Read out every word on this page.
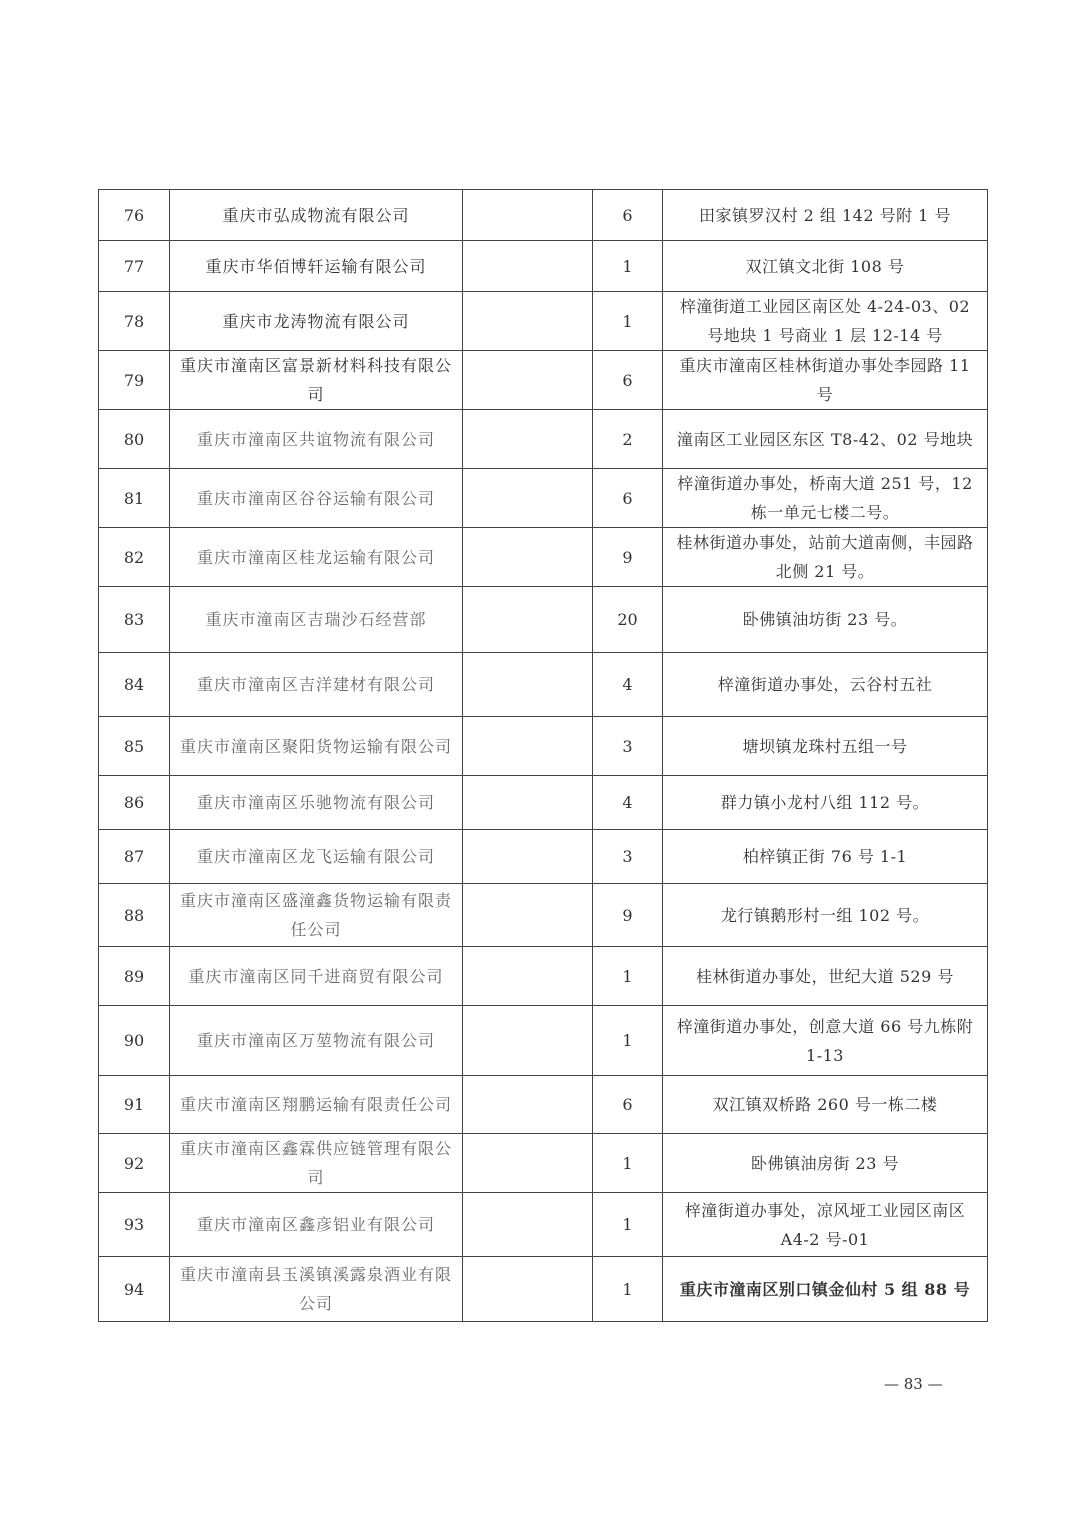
76	重庆市弘成物流有限公司		6	田家镇罗汉村 2 组 142 号附 1 号
77	重庆市华佰博轩运输有限公司		1	双江镇文北街 108 号
78	重庆市龙涛物流有限公司		1	梓潼街道工业园区南区处 4-24-03、02 号地块 1 号商业 1 层 12-14 号
79	重庆市潼南区富景新材料科技有限公司		6	重庆市潼南区桂林街道办事处李园路 11 号
80	重庆市潼南区共谊物流有限公司		2	潼南区工业园区东区 T8-42、02 号地块
81	重庆市潼南区谷谷运输有限公司		6	梓潼街道办事处，桥南大道 251 号，12 栋一单元七楼二号。
82	重庆市潼南区桂龙运输有限公司		9	桂林街道办事处，站前大道南侧，丰园路北侧 21 号。
83	重庆市潼南区吉瑞沙石经营部		20	卧佛镇油坊街 23 号。
84	重庆市潼南区吉洋建材有限公司		4	梓潼街道办事处，云谷村五社
85	重庆市潼南区聚阳货物运输有限公司		3	塘坝镇龙珠村五组一号
86	重庆市潼南区乐驰物流有限公司		4	群力镇小龙村八组 112 号。
87	重庆市潼南区龙飞运输有限公司		3	柏梓镇正街 76 号 1-1
88	重庆市潼南区盛潼鑫货物运输有限责任公司		9	龙行镇鹅形村一组 102 号。
89	重庆市潼南区同千进商贸有限公司		1	桂林街道办事处，世纪大道 529 号
90	重庆市潼南区万堃物流有限公司		1	梓潼街道办事处，创意大道 66 号九栋附 1-13
91	重庆市潼南区翔鹏运输有限责任公司		6	双江镇双桥路 260 号一栋二楼
92	重庆市潼南区鑫霖供应链管理有限公司		1	卧佛镇油房街 23 号
93	重庆市潼南区鑫彦铝业有限公司		1	梓潼街道办事处，凉风垭工业园区南区 A4-2 号-01
94	重庆市潼南县玉溪镇溪露泉酒业有限公司		1	重庆市潼南区别口镇金仙村 5 组 88 号
— 83 —
